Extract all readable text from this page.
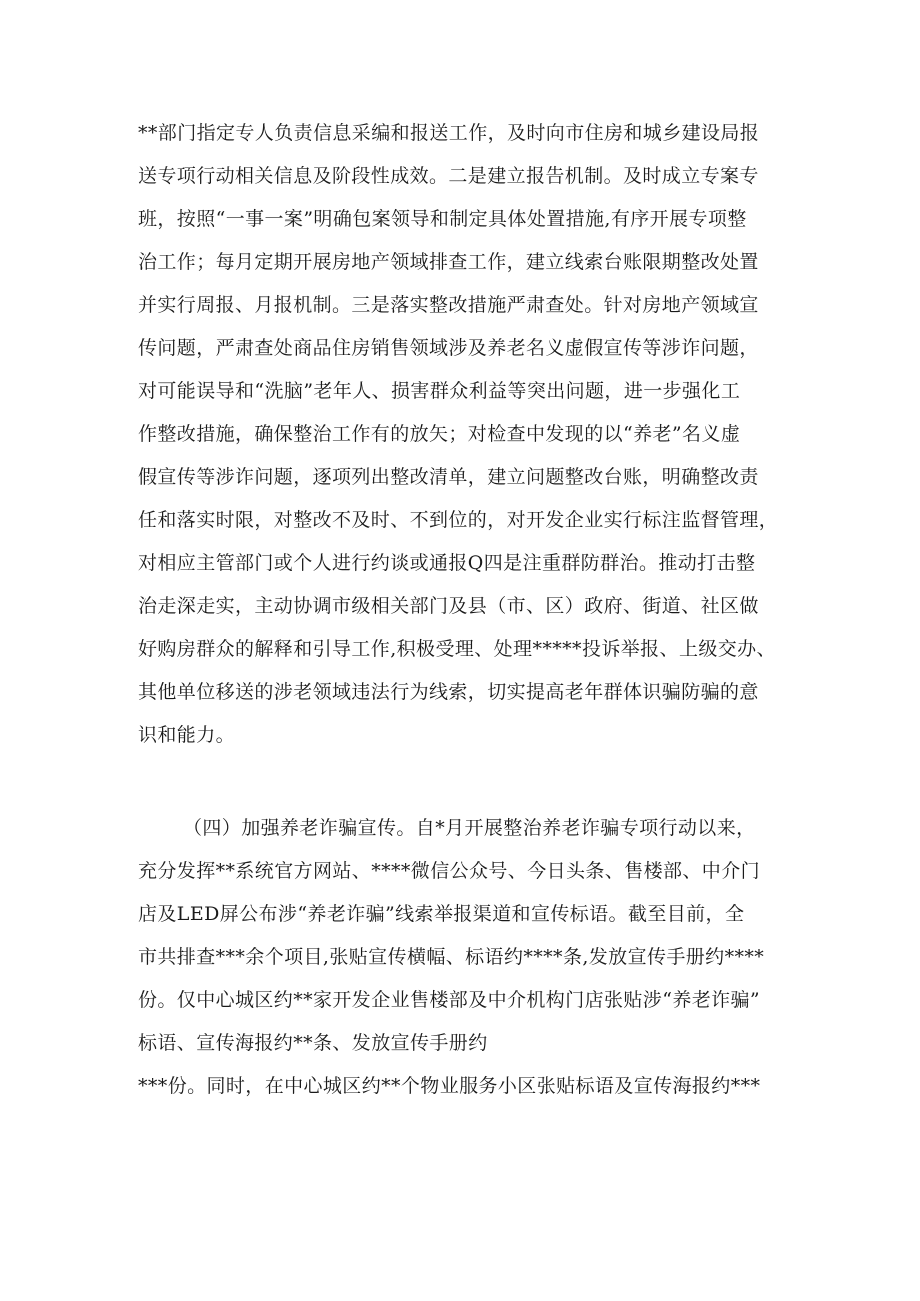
**部门指定专人负责信息采编和报送工作，及时向市住房和城乡建设局报
送专项行动相关信息及阶段性成效。二是建立报告机制。及时成立专案专
班，按照“一事一案”明确包案领导和制定具体处置措施,有序开展专项整
治工作；每月定期开展房地产领域排查工作，建立线索台账限期整改处置
并实行周报、月报机制。三是落实整改措施严肃查处。针对房地产领域宣
传问题，严肃查处商品住房销售领域涉及养老名义虚假宣传等涉诈问题，
对可能误导和“洗脑”老年人、损害群众利益等突出问题，进一步强化工
作整改措施，确保整治工作有的放矢；对检查中发现的以“养老”名义虚
假宣传等涉诈问题，逐项列出整改清单，建立问题整改台账，明确整改责
任和落实时限，对整改不及时、不到位的，对开发企业实行标注监督管理，
对相应主管部门或个人进行约谈或通报Q四是注重群防群治。推动打击整
治走深走实，主动协调市级相关部门及县（市、区）政府、街道、社区做
好购房群众的解释和引导工作,积极受理、处理*****投诉举报、上级交办、
其他单位移送的涉老领域违法行为线索，切实提高老年群体识骗防骗的意
识和能力。
（四）加强养老诈骗宣传。自*月开展整治养老诈骗专项行动以来，
充分发挥**系统官方网站、****微信公众号、今日头条、售楼部、中介门
店及LED屏公布涉“养老诈骗”线索举报渠道和宣传标语。截至目前，全
市共排查***余个项目,张贴宣传横幅、标语约****条,发放宣传手册约****
份。仅中心城区约**家开发企业售楼部及中介机构门店张贴涉“养老诈骗”
标语、宣传海报约**条、发放宣传手册约
***份。同时，在中心城区约**个物业服务小区张贴标语及宣传海报约***
